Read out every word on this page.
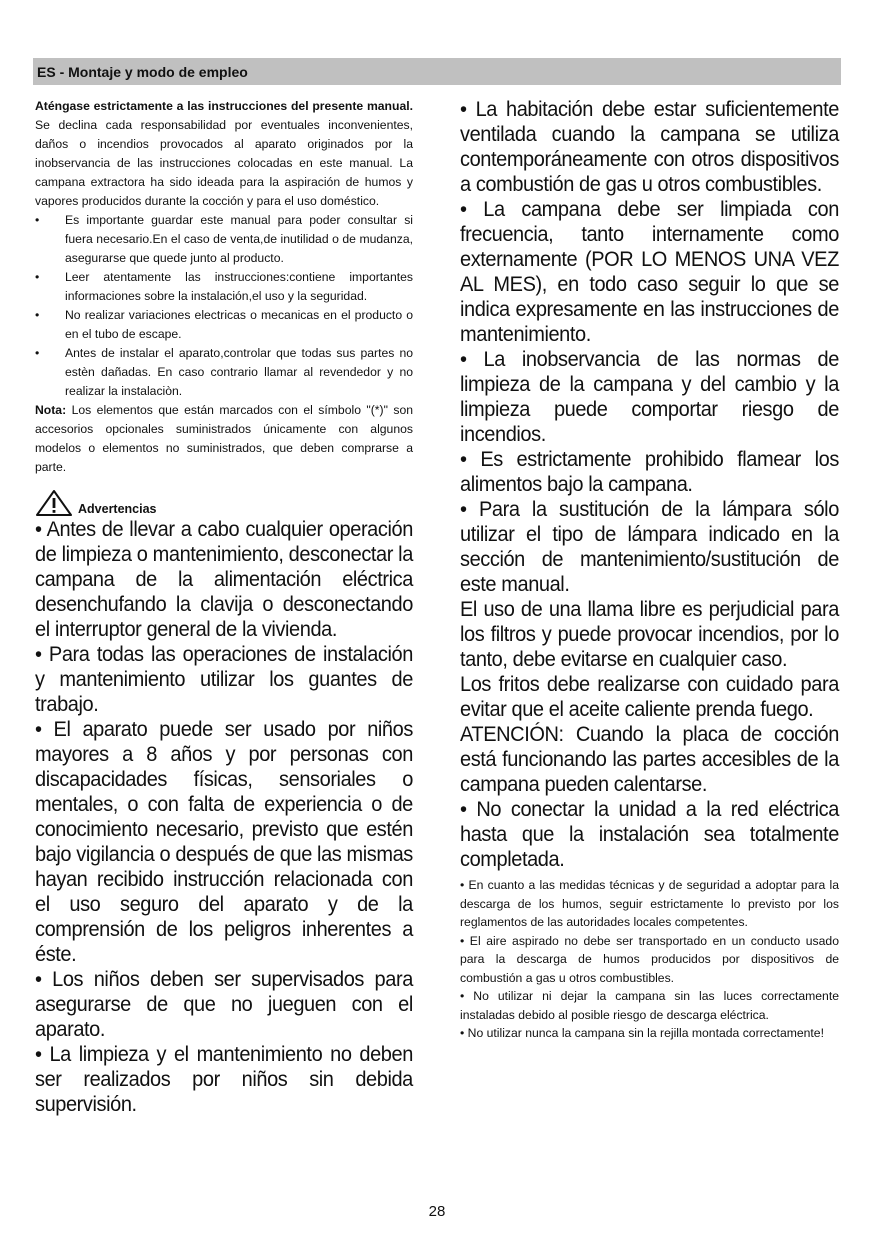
ES - Montaje y modo de empleo

Aténgase estrictamente a las instrucciones del presente manual. Se declina cada responsabilidad por eventuales inconvenientes, daños o incendios provocados al aparato originados por la inobservancia de las instrucciones colocadas en este manual. La campana extractora ha sido ideada para la aspiración de humos y vapores producidos durante la cocción y para el uso doméstico.

• Es importante guardar este manual para poder consultar si fuera necesario.En el caso de venta,de inutilidad o de mudanza, asegurarse que quede junto al producto.
• Leer atentamente las instrucciones:contiene importantes informaciones sobre la instalación,el uso y la seguridad.
• No realizar variaciones electricas o mecanicas en el producto o en el tubo de escape.
• Antes de instalar el aparato,controlar que todas sus partes no estèn dañadas. En caso contrario llamar al revendedor y no realizar la instalaciòn.

Nota: Los elementos que están marcados con el símbolo "(*)" son accesorios opcionales suministrados únicamente con algunos modelos o elementos no suministrados, que deben comprarse a parte.

Advertencias

• Antes de llevar a cabo cualquier operación de limpieza o mantenimiento, desconectar la campana de la alimentación eléctrica desenchufando la clavija o desconectando el interruptor general de la vivienda.

• Para todas las operaciones de instalación y mantenimiento utilizar los guantes de trabajo.

• El aparato puede ser usado por niños mayores a 8 años y por personas con discapacidades físicas, sensoriales o mentales, o con falta de experiencia o de conocimiento necesario, previsto que estén bajo vigilancia o después de que las mismas hayan recibido instrucción relacionada con el uso seguro del aparato y de la comprensión de los peligros inherentes a éste.

• Los niños deben ser supervisados para asegurarse de que no jueguen con el aparato.

• La limpieza y el mantenimiento no deben ser realizados por niños sin debida supervisión.

• La habitación debe estar suficientemente ventilada cuando la campana se utiliza contemporáneamente con otros dispositivos a combustión de gas u otros combustibles.

• La campana debe ser limpiada con frecuencia, tanto internamente como externamente (POR LO MENOS UNA VEZ AL MES), en todo caso seguir lo que se indica expresamente en las instrucciones de mantenimiento.

• La inobservancia de las normas de limpieza de la campana y del cambio y la limpieza puede comportar riesgo de incendios.

• Es estrictamente prohibido flamear los alimentos bajo la campana.

• Para la sustitución de la lámpara sólo utilizar el tipo de lámpara indicado en la sección de mantenimiento/sustitución de este manual.

El uso de una llama libre es perjudicial para los filtros y puede provocar incendios, por lo tanto, debe evitarse en cualquier caso.

Los fritos debe realizarse con cuidado para evitar que el aceite caliente prenda fuego.

ATENCIÓN: Cuando la placa de cocción está funcionando las partes accesibles de la campana pueden calentarse.

• No conectar la unidad a la red eléctrica hasta que la instalación sea totalmente completada.

• En cuanto a las medidas técnicas y de seguridad a adoptar para la descarga de los humos, seguir estrictamente lo previsto por los reglamentos de las autoridades locales competentes.

• El aire aspirado no debe ser transportado en un conducto usado para la descarga de humos producidos por dispositivos de combustión a gas u otros combustibles.

• No utilizar ni dejar la campana sin las luces correctamente instaladas debido al posible riesgo de descarga eléctrica.

• No utilizar nunca la campana sin la rejilla montada correctamente!

28
